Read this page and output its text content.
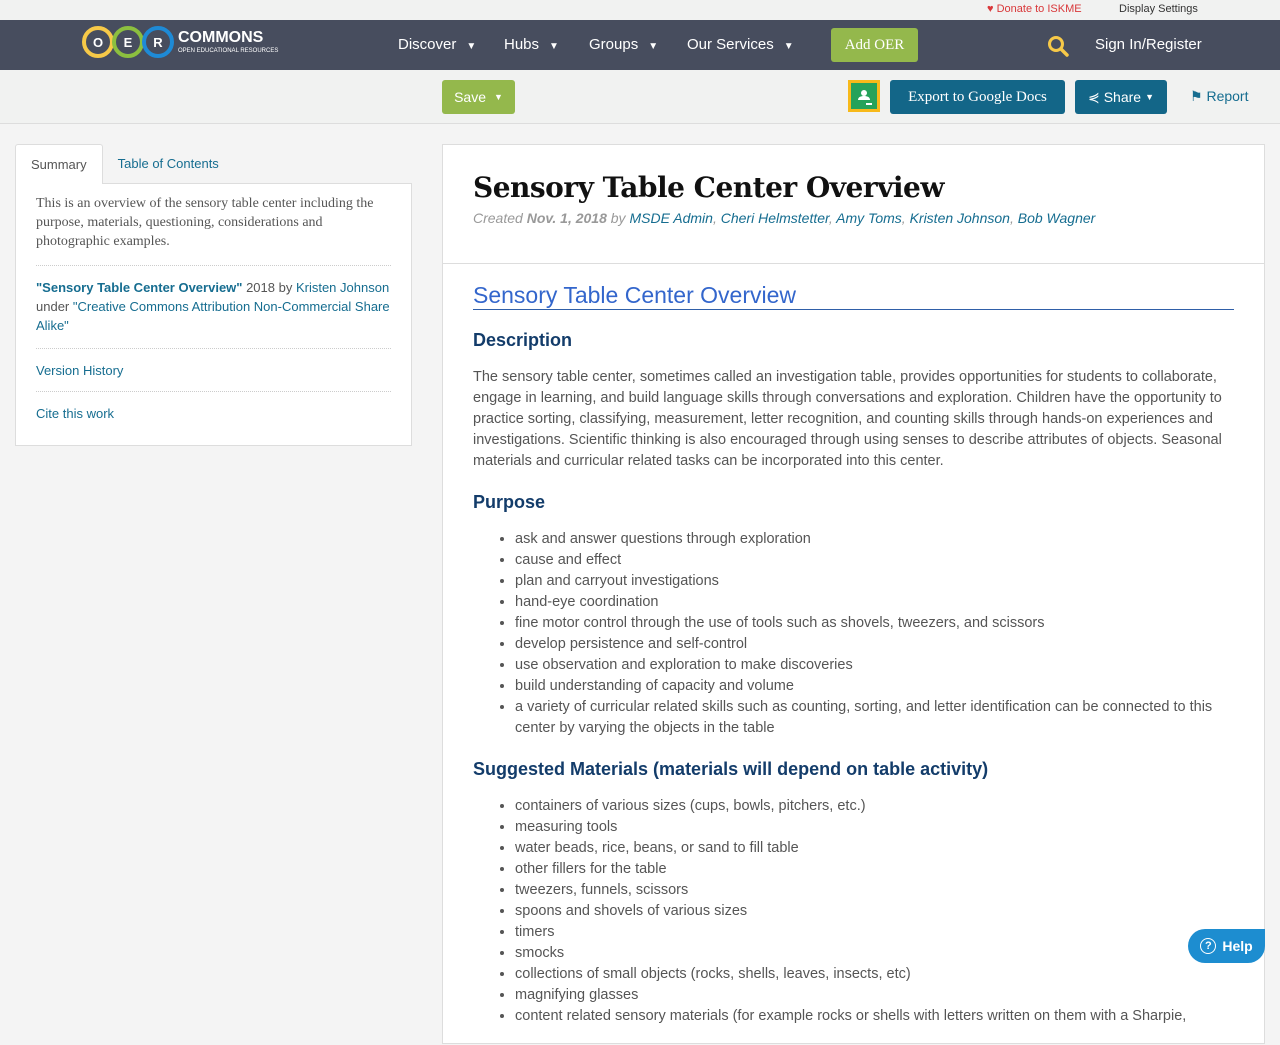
♥ Donate to ISKME	Display Settings
O	E	R COMMONS
OPEN EDUCATIONAL RESOURCES	Discover ▼ Hubs ▼ Groups ▼ Our Services ▼	Add OER	Sign In/Register
Save ▼	Export to Google Docs	⋞ Share ▼	⚑ Report
Summary	Table of Contents
This is an overview of the sensory table center including the purpose, materials, questioning, considerations and photographic examples.
"Sensory Table Center Overview" 2018 by Kristen Johnson
under "Creative Commons Attribution Non-Commercial Share Alike"
Version History
Cite this work
Sensory Table Center Overview
Created Nov. 1, 2018 by MSDE Admin, Cheri Helmstetter, Amy Toms, Kristen Johnson, Bob Wagner
Sensory Table Center Overview
Description

The sensory table center, sometimes called an investigation table, provides opportunities for students to collaborate, engage in learning, and build language skills through conversations and exploration. Children have the opportunity to practice sorting, classifying, measurement, letter recognition, and counting skills through hands-on experiences and investigations. Scientific thinking is also encouraged through using senses to describe attributes of objects. Seasonal materials and curricular related tasks can be incorporated into this center.

Purpose
• ask and answer questions through exploration
• cause and effect
• plan and carryout investigations
• hand-eye coordination
• fine motor control through the use of tools such as shovels, tweezers, and scissors
• develop persistence and self-control
• use observation and exploration to make discoveries
• build understanding of capacity and volume
• a variety of curricular related skills such as counting, sorting, and letter identification can be connected to this center by varying the objects in the table
Suggested Materials (materials will depend on table activity)
• containers of various sizes (cups, bowls, pitchers, etc.)
• measuring tools
• water beads, rice, beans, or sand to fill table
• other fillers for the table
• tweezers, funnels, scissors
• spoons and shovels of various sizes
• timers
• smocks
• collections of small objects (rocks, shells, leaves, insects, etc)
• magnifying glasses
• content related sensory materials (for example rocks or shells with letters written on them with a Sharpie,
? Help
